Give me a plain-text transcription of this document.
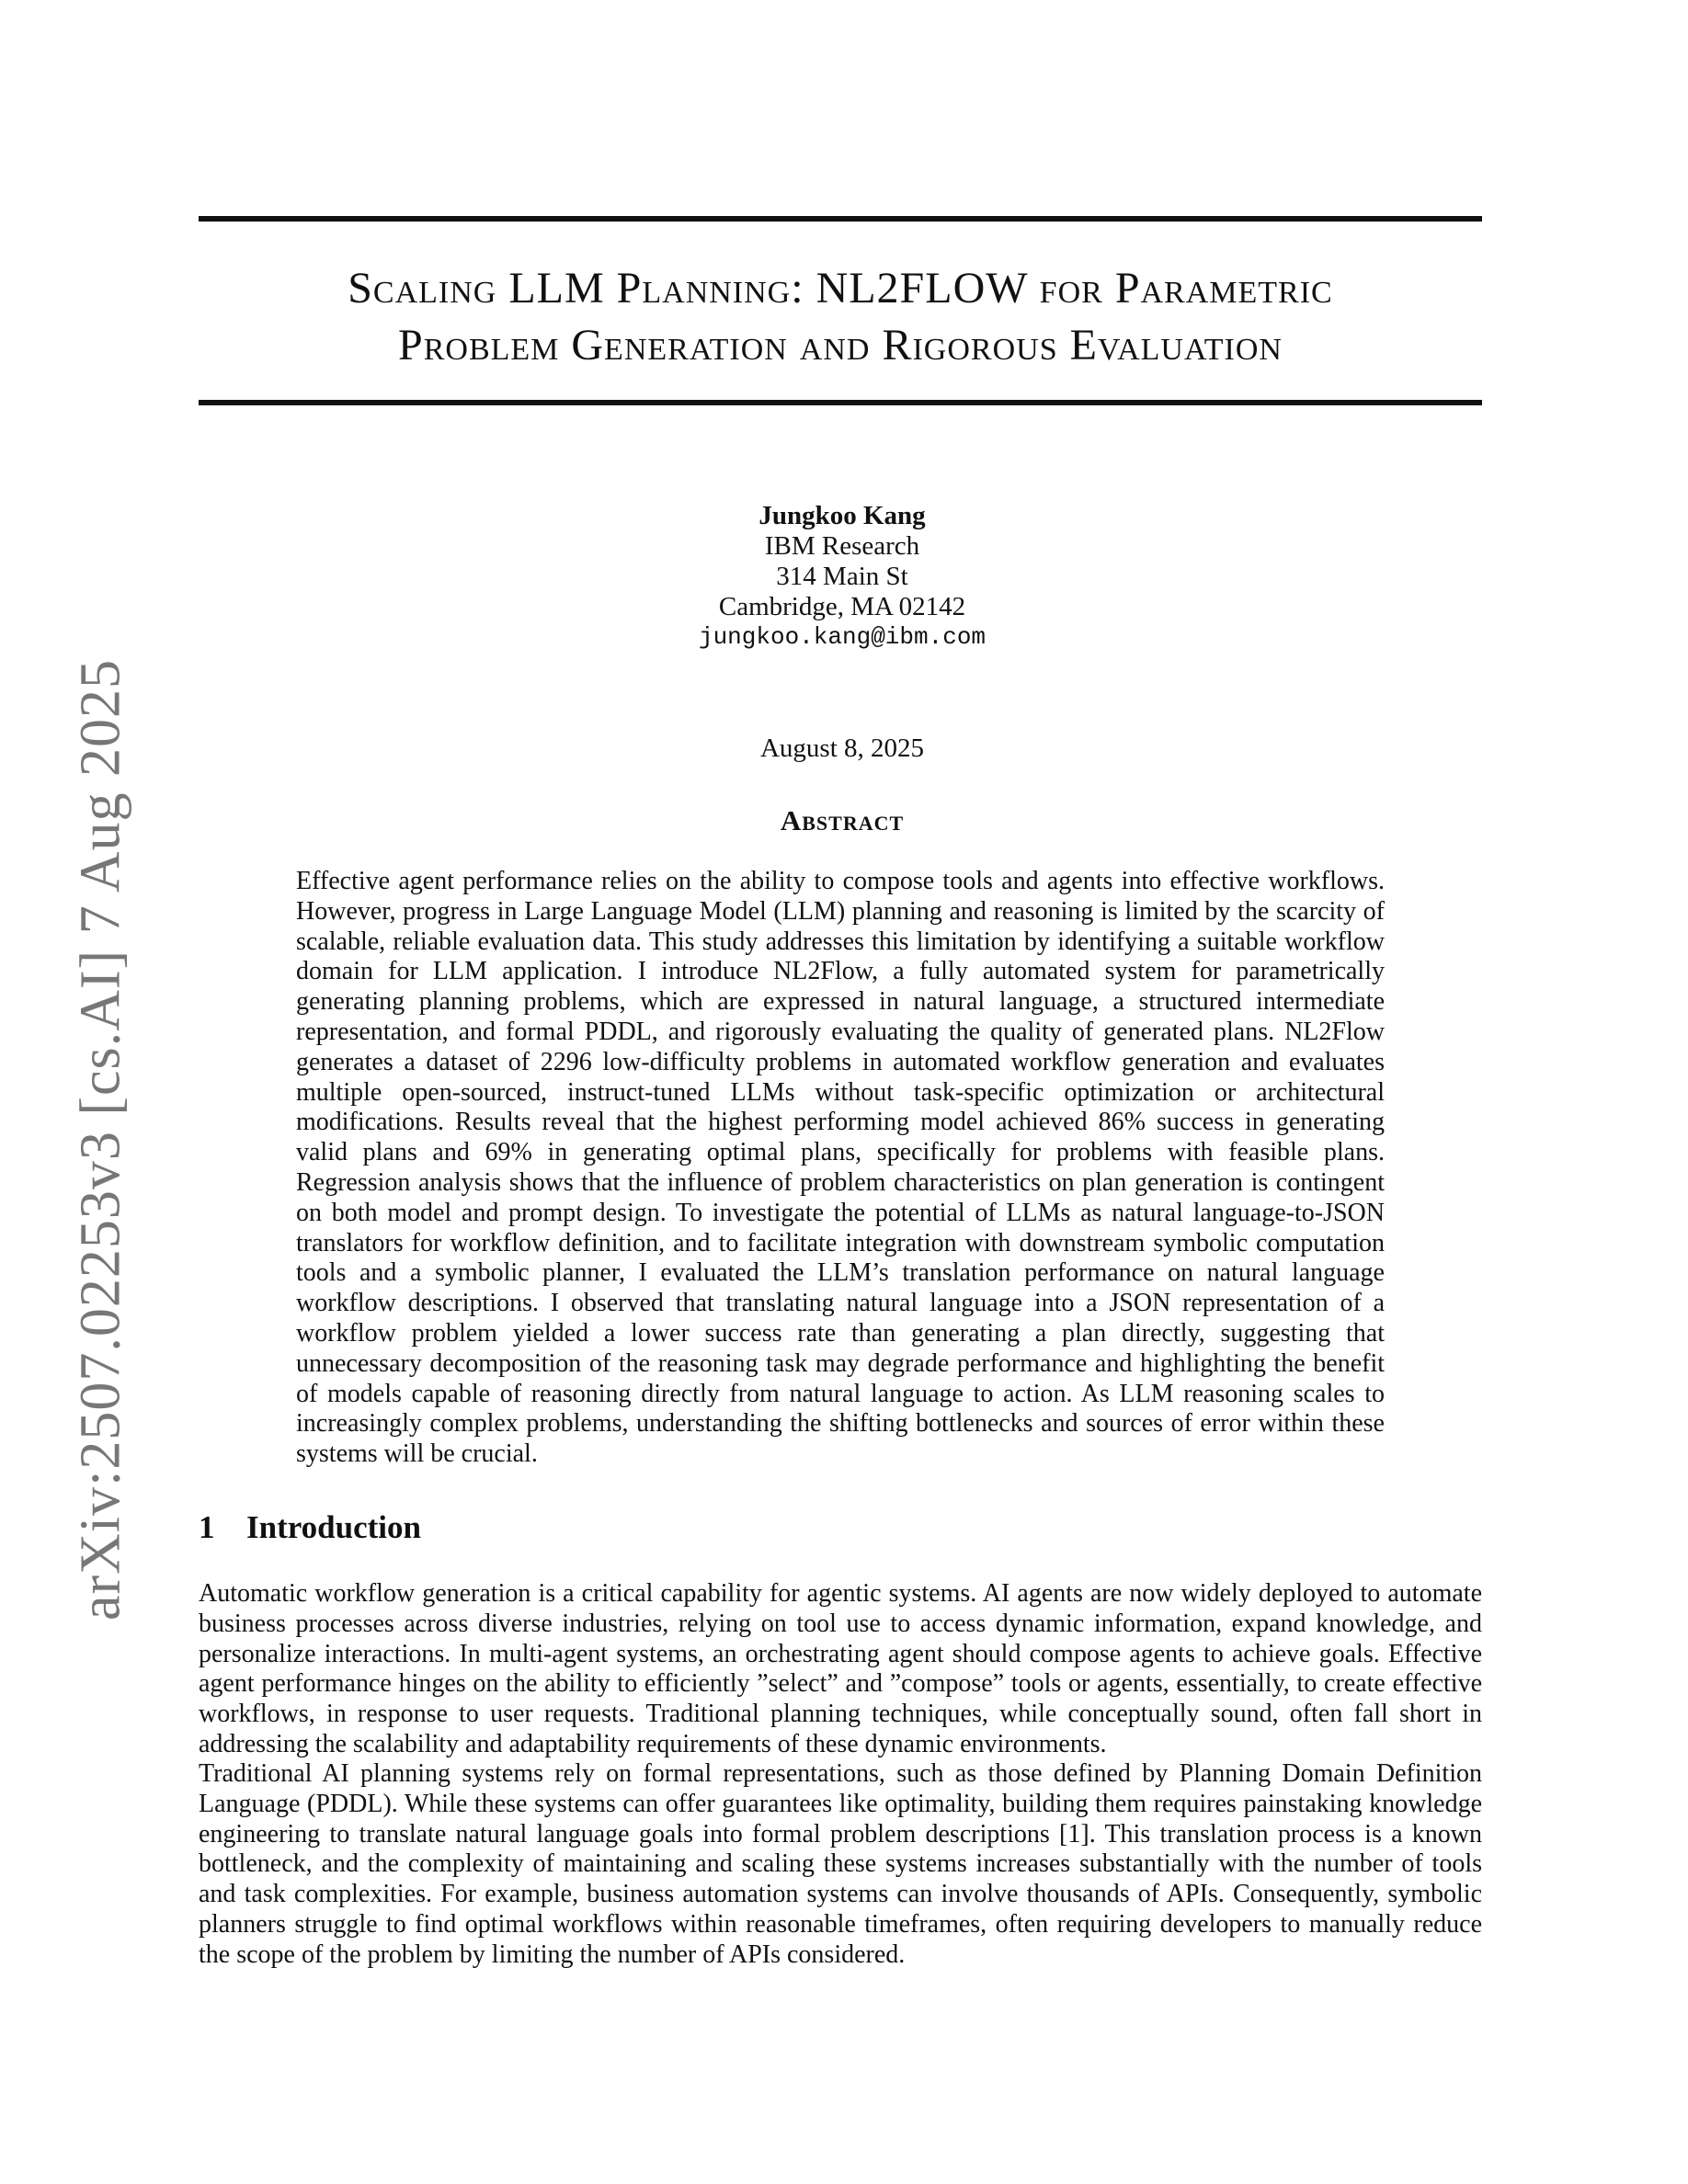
arXiv:2507.02253v3 [cs.AI] 7 Aug 2025
Scaling LLM Planning: NL2FLOW for Parametric
Problem Generation and Rigorous Evaluation
Jungkoo Kang
IBM Research
314 Main St
Cambridge, MA 02142
jungkoo.kang@ibm.com
August 8, 2025
Abstract
Effective agent performance relies on the ability to compose tools and agents into effective workflows. However, progress in Large Language Model (LLM) planning and reasoning is limited by the scarcity of scalable, reliable evaluation data. This study addresses this limitation by identifying a suitable workflow domain for LLM application. I introduce NL2Flow, a fully automated system for parametrically generating planning problems, which are expressed in natural language, a structured intermediate representation, and formal PDDL, and rigorously evaluating the quality of generated plans. NL2Flow generates a dataset of 2296 low-difficulty problems in automated workflow generation and evaluates multiple open-sourced, instruct-tuned LLMs without task-specific optimization or architectural modifications. Results reveal that the highest performing model achieved 86% success in generating valid plans and 69% in generating optimal plans, specifically for problems with feasible plans. Regression analysis shows that the influence of problem characteristics on plan generation is contingent on both model and prompt design. To investigate the potential of LLMs as natural language-to-JSON translators for workflow definition, and to facilitate integration with downstream symbolic computation tools and a symbolic planner, I evaluated the LLM’s translation performance on natural language workflow descriptions. I observed that translating natural language into a JSON representation of a workflow problem yielded a lower success rate than generating a plan directly, suggesting that unnecessary decomposition of the reasoning task may degrade performance and highlighting the benefit of models capable of reasoning directly from natural language to action. As LLM reasoning scales to increasingly complex problems, understanding the shifting bottlenecks and sources of error within these systems will be crucial.
1 Introduction
Automatic workflow generation is a critical capability for agentic systems. AI agents are now widely deployed to automate business processes across diverse industries, relying on tool use to access dynamic information, expand knowledge, and personalize interactions. In multi-agent systems, an orchestrating agent should compose agents to achieve goals. Effective agent performance hinges on the ability to efficiently ”select” and ”compose” tools or agents, essentially, to create effective workflows, in response to user requests. Traditional planning techniques, while conceptually sound, often fall short in addressing the scalability and adaptability requirements of these dynamic environments.
Traditional AI planning systems rely on formal representations, such as those defined by Planning Domain Definition Language (PDDL). While these systems can offer guarantees like optimality, building them requires painstaking knowledge engineering to translate natural language goals into formal problem descriptions [1]. This translation process is a known bottleneck, and the complexity of maintaining and scaling these systems increases substantially with the number of tools and task complexities. For example, business automation systems can involve thousands of APIs. Consequently, symbolic planners struggle to find optimal workflows within reasonable timeframes, often requiring developers to manually reduce the scope of the problem by limiting the number of APIs considered.
